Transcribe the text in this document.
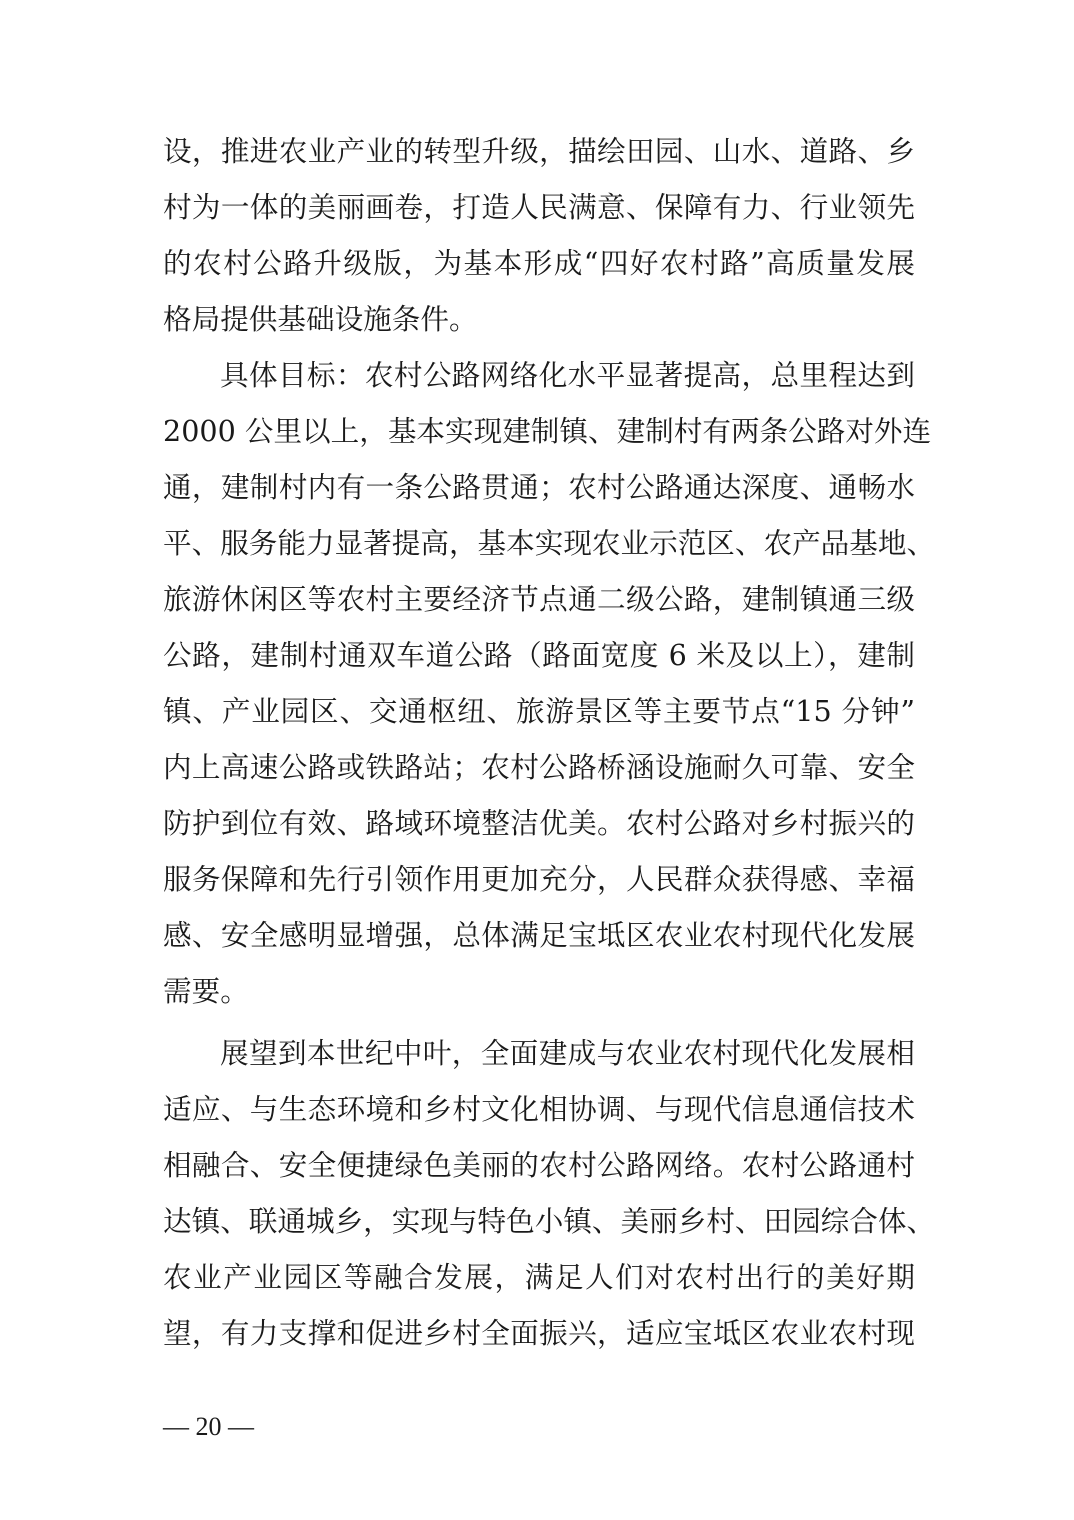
设，推进农业产业的转型升级，描绘田园、山水、道路、乡
村为一体的美丽画卷，打造人民满意、保障有力、行业领先
的农村公路升级版，为基本形成“四好农村路”高质量发展
格局提供基础设施条件。
具体目标：农村公路网络化水平显著提高，总里程达到
2000 公里以上，基本实现建制镇、建制村有两条公路对外连
通，建制村内有一条公路贯通；农村公路通达深度、通畅水
平、服务能力显著提高，基本实现农业示范区、农产品基地、
旅游休闲区等农村主要经济节点通二级公路，建制镇通三级
公路，建制村通双车道公路（路面宽度 6 米及以上），建制
镇、产业园区、交通枢纽、旅游景区等主要节点“15 分钟”
内上高速公路或铁路站；农村公路桥涵设施耐久可靠、安全
防护到位有效、路域环境整洁优美。农村公路对乡村振兴的
服务保障和先行引领作用更加充分，人民群众获得感、幸福
感、安全感明显增强，总体满足宝坻区农业农村现代化发展
需要。
展望到本世纪中叶，全面建成与农业农村现代化发展相
适应、与生态环境和乡村文化相协调、与现代信息通信技术
相融合、安全便捷绿色美丽的农村公路网络。农村公路通村
达镇、联通城乡，实现与特色小镇、美丽乡村、田园综合体、
农业产业园区等融合发展，满足人们对农村出行的美好期
望，有力支撑和促进乡村全面振兴，适应宝坻区农业农村现
— 20 —
